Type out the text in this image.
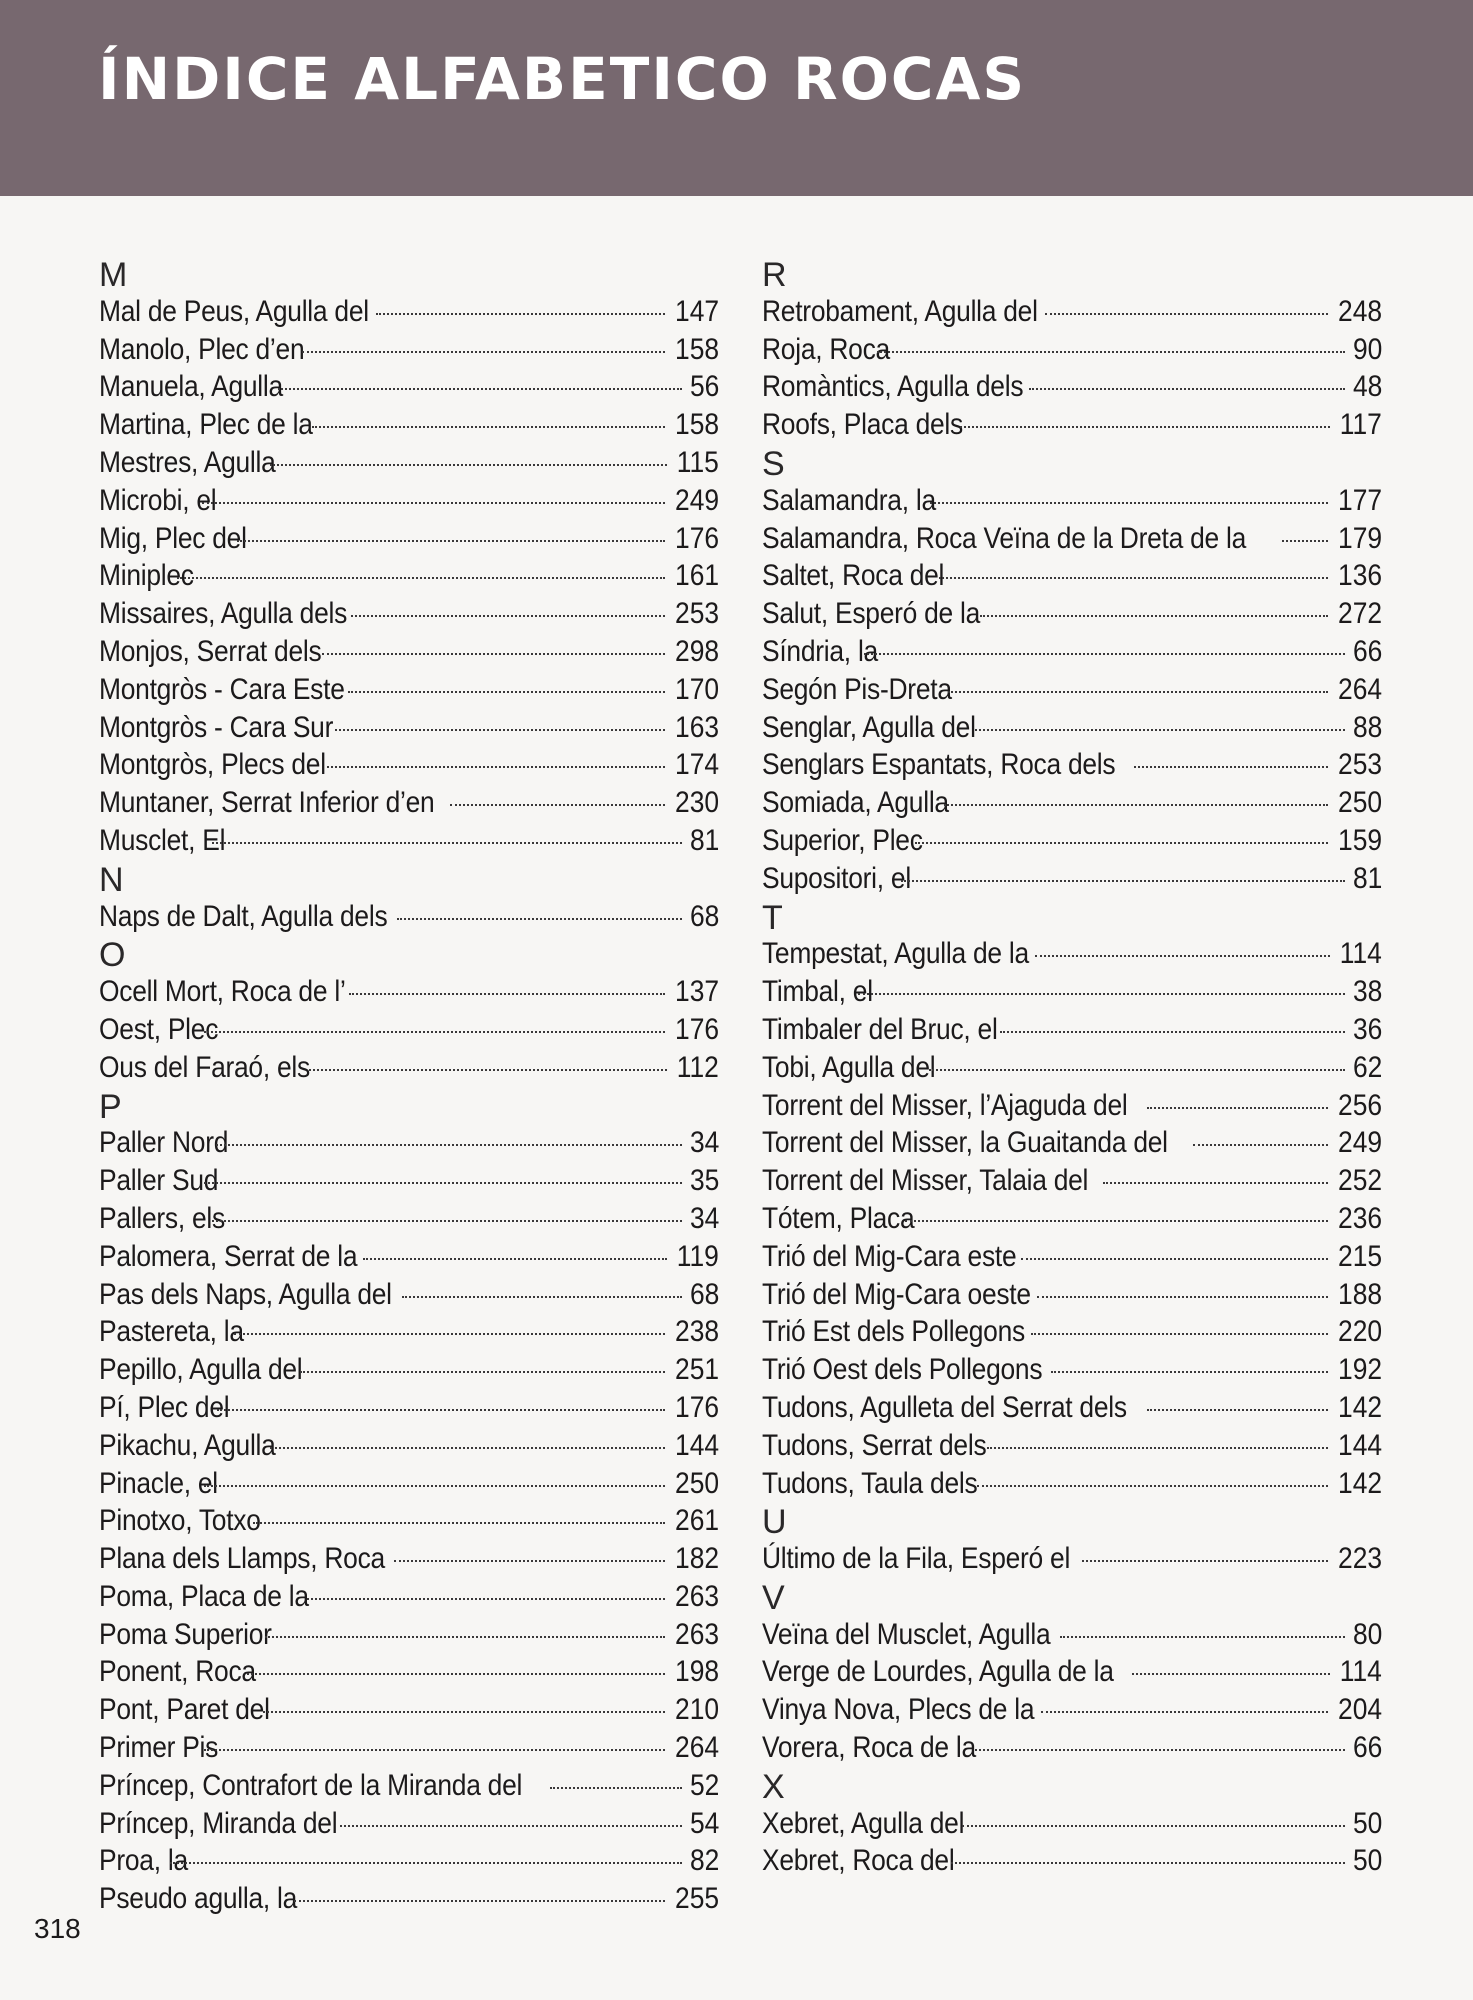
ÍNDICE ALFABETICO ROCAS
M
Mal de Peus, Agulla del	147
Manolo, Plec d’en	158
Manuela, Agulla	56
Martina, Plec de la	158
Mestres, Agulla	115
Microbi, el	249
Mig, Plec del	176
Miniplec	161
Missaires, Agulla dels	253
Monjos, Serrat dels	298
Montgròs - Cara Este	170
Montgròs - Cara Sur	163
Montgròs, Plecs del	174
Muntaner, Serrat Inferior d’en	230
Musclet, El	81
N
Naps de Dalt, Agulla dels	68
O
Ocell Mort, Roca de l’	137
Oest, Plec	176
Ous del Faraó, els	112
P
Paller Nord	34
Paller Sud	35
Pallers, els	34
Palomera, Serrat de la	119
Pas dels Naps, Agulla del	68
Pastereta, la	238
Pepillo, Agulla del	251
Pí, Plec del	176
Pikachu, Agulla	144
Pinacle, el	250
Pinotxo, Totxo	261
Plana dels Llamps, Roca	182
Poma, Placa de la	263
Poma Superior	263
Ponent, Roca	198
Pont, Paret del	210
Primer Pis	264
Príncep, Contrafort de la Miranda del	52
Príncep, Miranda del	54
Proa, la	82
Pseudo agulla, la	255
R
Retrobament, Agulla del	248
Roja, Roca	90
Romàntics, Agulla dels	48
Roofs, Placa dels	117
S
Salamandra, la	177
Salamandra, Roca Veïna de la Dreta de la	179
Saltet, Roca del	136
Salut, Esperó de la	272
Síndria, la	66
Segón Pis-Dreta	264
Senglar, Agulla del	88
Senglars Espantats, Roca dels	253
Somiada, Agulla	250
Superior, Plec	159
Supositori, el	81
T
Tempestat, Agulla de la	114
Timbal, el	38
Timbaler del Bruc, el	36
Tobi, Agulla del	62
Torrent del Misser, l’Ajaguda del	256
Torrent del Misser, la Guaitanda del	249
Torrent del Misser, Talaia del	252
Tótem, Placa	236
Trió del Mig-Cara este	215
Trió del Mig-Cara oeste	188
Trió Est dels Pollegons	220
Trió Oest dels Pollegons	192
Tudons, Agulleta del Serrat dels	142
Tudons, Serrat dels	144
Tudons, Taula dels	142
U
Último de la Fila, Esperó el	223
V
Veïna del Musclet, Agulla	80
Verge de Lourdes, Agulla de la	114
Vinya Nova, Plecs de la	204
Vorera, Roca de la	66
X
Xebret, Agulla del	50
Xebret, Roca del	50
318
